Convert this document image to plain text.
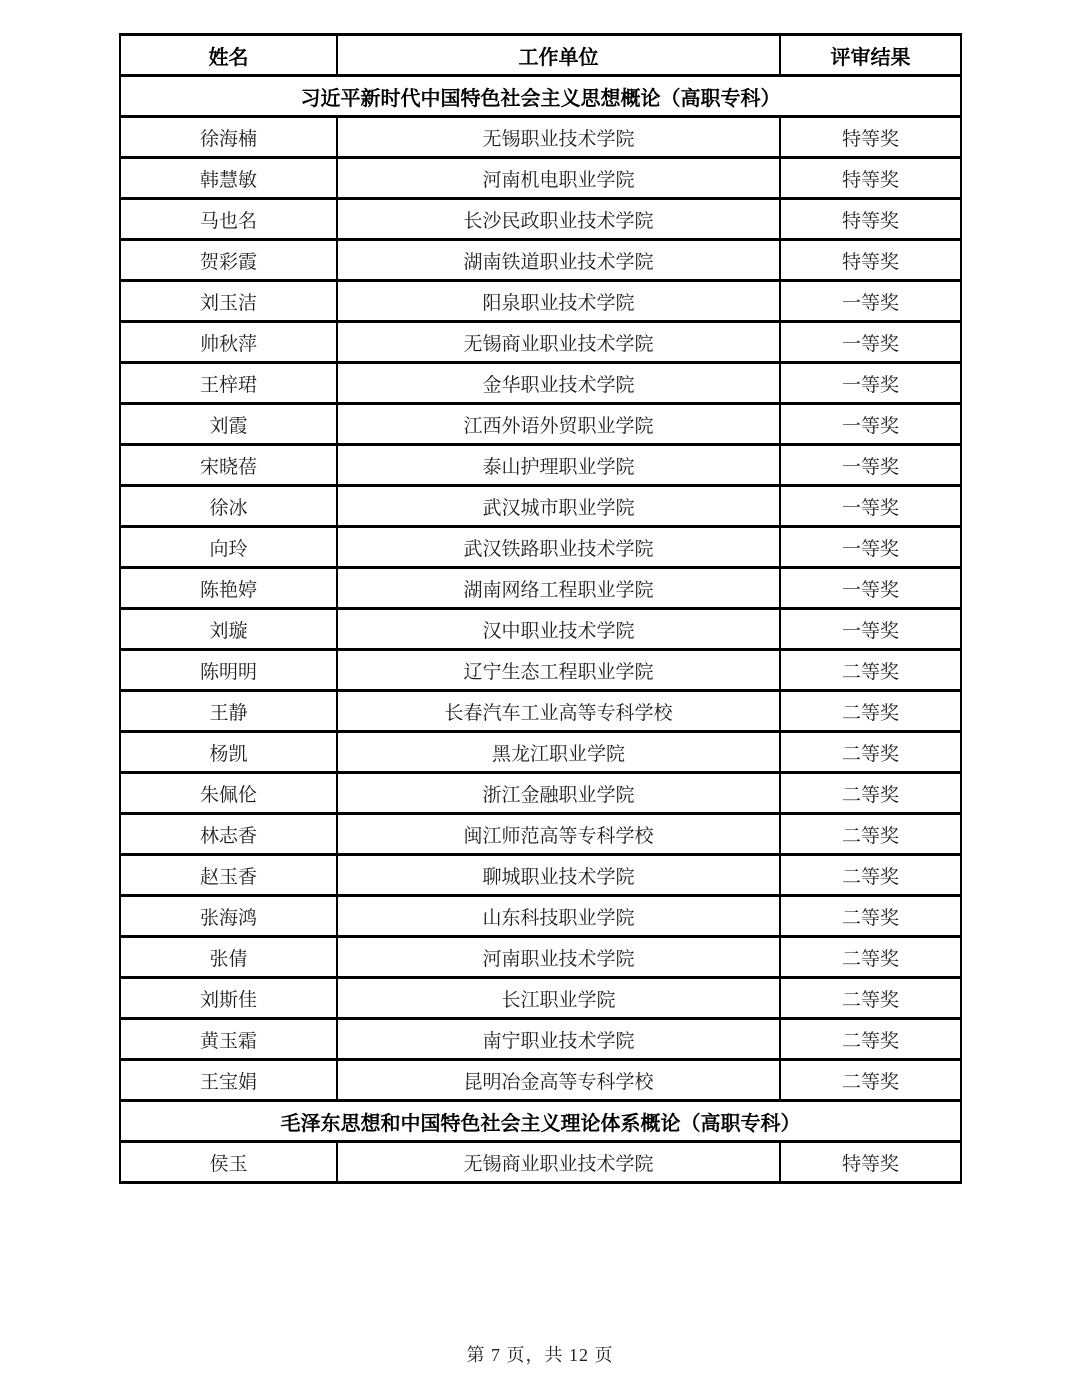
姓名	工作单位	评审结果
习近平新时代中国特色社会主义思想概论（高职专科）		
徐海楠	无锡职业技术学院	特等奖
韩慧敏	河南机电职业学院	特等奖
马也名	长沙民政职业技术学院	特等奖
贺彩霞	湖南铁道职业技术学院	特等奖
刘玉洁	阳泉职业技术学院	一等奖
帅秋萍	无锡商业职业技术学院	一等奖
王梓珺	金华职业技术学院	一等奖
刘霞	江西外语外贸职业学院	一等奖
宋晓蓓	泰山护理职业学院	一等奖
徐冰	武汉城市职业学院	一等奖
向玲	武汉铁路职业技术学院	一等奖
陈艳婷	湖南网络工程职业学院	一等奖
刘璇	汉中职业技术学院	一等奖
陈明明	辽宁生态工程职业学院	二等奖
王静	长春汽车工业高等专科学校	二等奖
杨凯	黑龙江职业学院	二等奖
朱佩伦	浙江金融职业学院	二等奖
林志香	闽江师范高等专科学校	二等奖
赵玉香	聊城职业技术学院	二等奖
张海鸿	山东科技职业学院	二等奖
张倩	河南职业技术学院	二等奖
刘斯佳	长江职业学院	二等奖
黄玉霜	南宁职业技术学院	二等奖
王宝娟	昆明冶金高等专科学校	二等奖
毛泽东思想和中国特色社会主义理论体系概论（高职专科）		
侯玉	无锡商业职业技术学院	特等奖
第 7 页，共 12 页
